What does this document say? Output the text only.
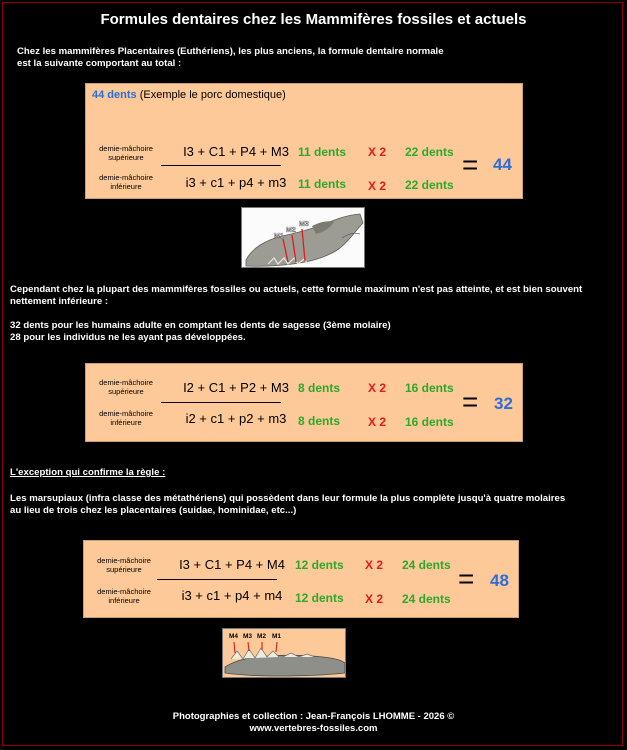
Formules dentaires chez les Mammifères fossiles et actuels
Chez les mammifères Placentaires (Euthériens), les plus anciens, la formule dentaire normale
est la suivante comportant au total :
44 dents (Exemple le porc domestique)
demie-mâchoire
supérieure
demie-mâchoire
inférieure
I3 + C1 + P4 + M3
i3 + c1 + p4 + m3
11 dents
11 dents
X 2
X 2
22 dents
22 dents
= 44
M1
M2
M3
Cependant chez la plupart des mammifères fossiles ou actuels, cette formule maximum n'est pas atteinte, et est bien souvent
nettement inférieure :
32 dents pour les humains adulte en comptant les dents de sagesse (3ème molaire)
28 pour les individus ne les ayant pas développées.
demie-mâchoire
supérieure
demie-mâchoire
inférieure
I2 + C1 + P2 + M3
i2 + c1 + p2 + m3
8 dents
8 dents
X 2
X 2
16 dents
16 dents
= 32
L'exception qui confirme la règle :
Les marsupiaux (infra classe des métathériens) qui possèdent dans leur formule la plus complète jusqu'à quatre molaires
au lieu de trois chez les placentaires (suidae, hominidae, etc...)
demie-mâchoire
supérieure
demie-mâchoire
inférieure
I3 + C1 + P4 + M4
i3 + c1 + p4 + m4
12 dents
12 dents
X 2
X 2
24 dents
24 dents
= 48
M4 M3 M2 M1
Photographies et collection : Jean-François LHOMME - 2026 ©
www.vertebres-fossiles.com
